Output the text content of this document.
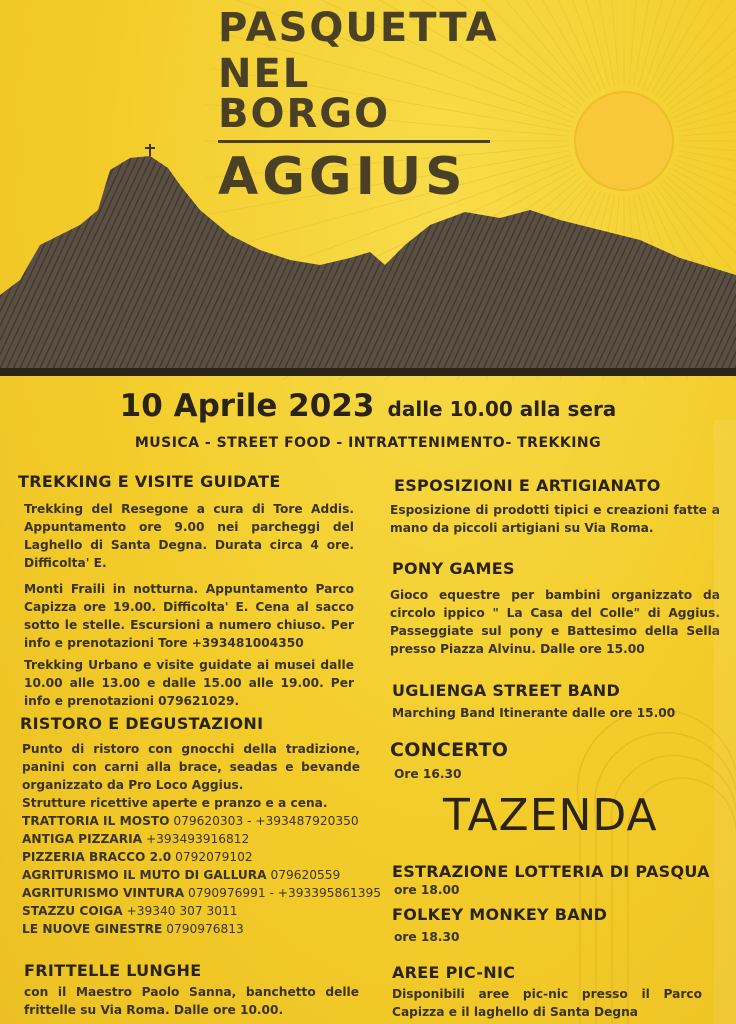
PASQUETTA
NEL BORGO
AGGIUS
10 Aprile 2023 dalle 10.00 alla sera
MUSICA - STREET FOOD - INTRATTENIMENTO- TREKKING
TREKKING E VISITE GUIDATE
Trekking del Resegone a cura di Tore Addis. Appuntamento ore 9.00 nei parcheggi del Laghello di Santa Degna. Durata circa 4 ore. Difficolta' E.
Monti Fraili in notturna. Appuntamento Parco Capizza ore 19.00. Difficolta' E. Cena al sacco sotto le stelle. Escursioni a numero chiuso. Per info e prenotazioni Tore +393481004350
Trekking Urbano e visite guidate ai musei dalle 10.00 alle 13.00 e dalle 15.00 alle 19.00. Per info e prenotazioni 079621029.
RISTORO E DEGUSTAZIONI
Punto di ristoro con gnocchi della tradizione, panini con carni alla brace, seadas e bevande organizzato da Pro Loco Aggius.
Strutture ricettive aperte e pranzo e a cena.
TRATTORIA IL MOSTO 079620303 - +393487920350
ANTIGA PIZZARIA +393493916812
PIZZERIA BRACCO 2.0 0792079102
AGRITURISMO IL MUTO DI GALLURA 079620559
AGRITURISMO VINTURA 0790976991 - +393395861395
STAZZU COIGA +39340 307 3011
LE NUOVE GINESTRE 0790976813
FRITTELLE LUNGHE
con il Maestro Paolo Sanna, banchetto delle frittelle su Via Roma. Dalle ore 10.00.
ESPOSIZIONI E ARTIGIANATO
Esposizione di prodotti tipici e creazioni fatte a mano da piccoli artigiani su Via Roma.
PONY GAMES
Gioco equestre per bambini organizzato da circolo ippico " La Casa del Colle" di Aggius. Passeggiate sul pony e Battesimo della Sella presso Piazza Alvinu. Dalle ore 15.00
UGLIENGA STREET BAND
Marching Band Itinerante dalle ore 15.00
CONCERTO
Ore 16.30
TAZENDA
ESTRAZIONE LOTTERIA DI PASQUA
ore 18.00
FOLKEY MONKEY BAND
ore 18.30
AREE PIC-NIC
Disponibili aree pic-nic presso il Parco Capizza e il laghello di Santa Degna
